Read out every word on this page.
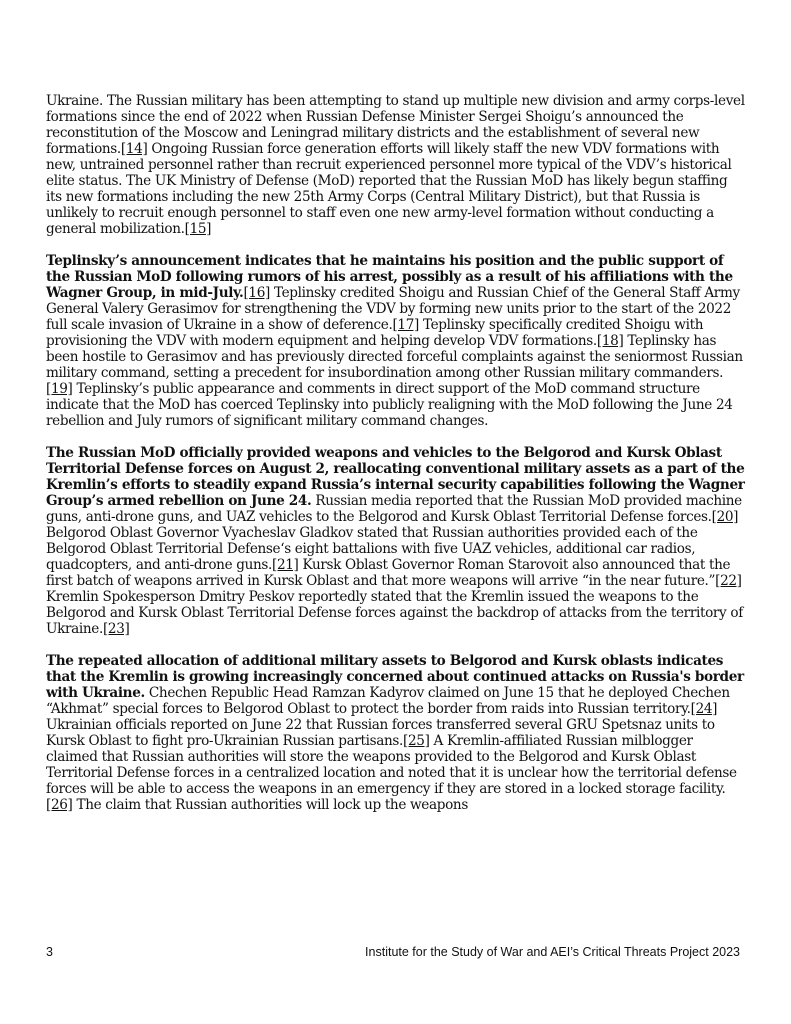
Ukraine. The Russian military has been attempting to stand up multiple new division and army corps-level formations since the end of 2022 when Russian Defense Minister Sergei Shoigu’s announced the reconstitution of the Moscow and Leningrad military districts and the establishment of several new formations.[14] Ongoing Russian force generation efforts will likely staff the new VDV formations with new, untrained personnel rather than recruit experienced personnel more typical of the VDV’s historical elite status. The UK Ministry of Defense (MoD) reported that the Russian MoD has likely begun staffing its new formations including the new 25th Army Corps (Central Military District), but that Russia is unlikely to recruit enough personnel to staff even one new army-level formation without conducting a general mobilization.[15]

Teplinsky’s announcement indicates that he maintains his position and the public support of the Russian MoD following rumors of his arrest, possibly as a result of his affiliations with the Wagner Group, in mid-July.[16] Teplinsky credited Shoigu and Russian Chief of the General Staff Army General Valery Gerasimov for strengthening the VDV by forming new units prior to the start of the 2022 full scale invasion of Ukraine in a show of deference.[17] Teplinsky specifically credited Shoigu with provisioning the VDV with modern equipment and helping develop VDV formations.[18] Teplinsky has been hostile to Gerasimov and has previously directed forceful complaints against the seniormost Russian military command, setting a precedent for insubordination among other Russian military commanders.[19] Teplinsky’s public appearance and comments in direct support of the MoD command structure indicate that the MoD has coerced Teplinsky into publicly realigning with the MoD following the June 24 rebellion and July rumors of significant military command changes.

The Russian MoD officially provided weapons and vehicles to the Belgorod and Kursk Oblast Territorial Defense forces on August 2, reallocating conventional military assets as a part of the Kremlin’s efforts to steadily expand Russia’s internal security capabilities following the Wagner Group’s armed rebellion on June 24. Russian media reported that the Russian MoD provided machine guns, anti-drone guns, and UAZ vehicles to the Belgorod and Kursk Oblast Territorial Defense forces.[20] Belgorod Oblast Governor Vyacheslav Gladkov stated that Russian authorities provided each of the Belgorod Oblast Territorial Defense‘s eight battalions with five UAZ vehicles, additional car radios, quadcopters, and anti-drone guns.[21] Kursk Oblast Governor Roman Starovoit also announced that the first batch of weapons arrived in Kursk Oblast and that more weapons will arrive “in the near future.”[22] Kremlin Spokesperson Dmitry Peskov reportedly stated that the Kremlin issued the weapons to the Belgorod and Kursk Oblast Territorial Defense forces against the backdrop of attacks from the territory of Ukraine.[23]

The repeated allocation of additional military assets to Belgorod and Kursk oblasts indicates that the Kremlin is growing increasingly concerned about continued attacks on Russia's border with Ukraine. Chechen Republic Head Ramzan Kadyrov claimed on June 15 that he deployed Chechen “Akhmat” special forces to Belgorod Oblast to protect the border from raids into Russian territory.[24] Ukrainian officials reported on June 22 that Russian forces transferred several GRU Spetsnaz units to Kursk Oblast to fight pro-Ukrainian Russian partisans.[25] A Kremlin-affiliated Russian milblogger claimed that Russian authorities will store the weapons provided to the Belgorod and Kursk Oblast Territorial Defense forces in a centralized location and noted that it is unclear how the territorial defense forces will be able to access the weapons in an emergency if they are stored in a locked storage facility.[26] The claim that Russian authorities will lock up the weapons

3	Institute for the Study of War and AEI’s Critical Threats Project 2023
